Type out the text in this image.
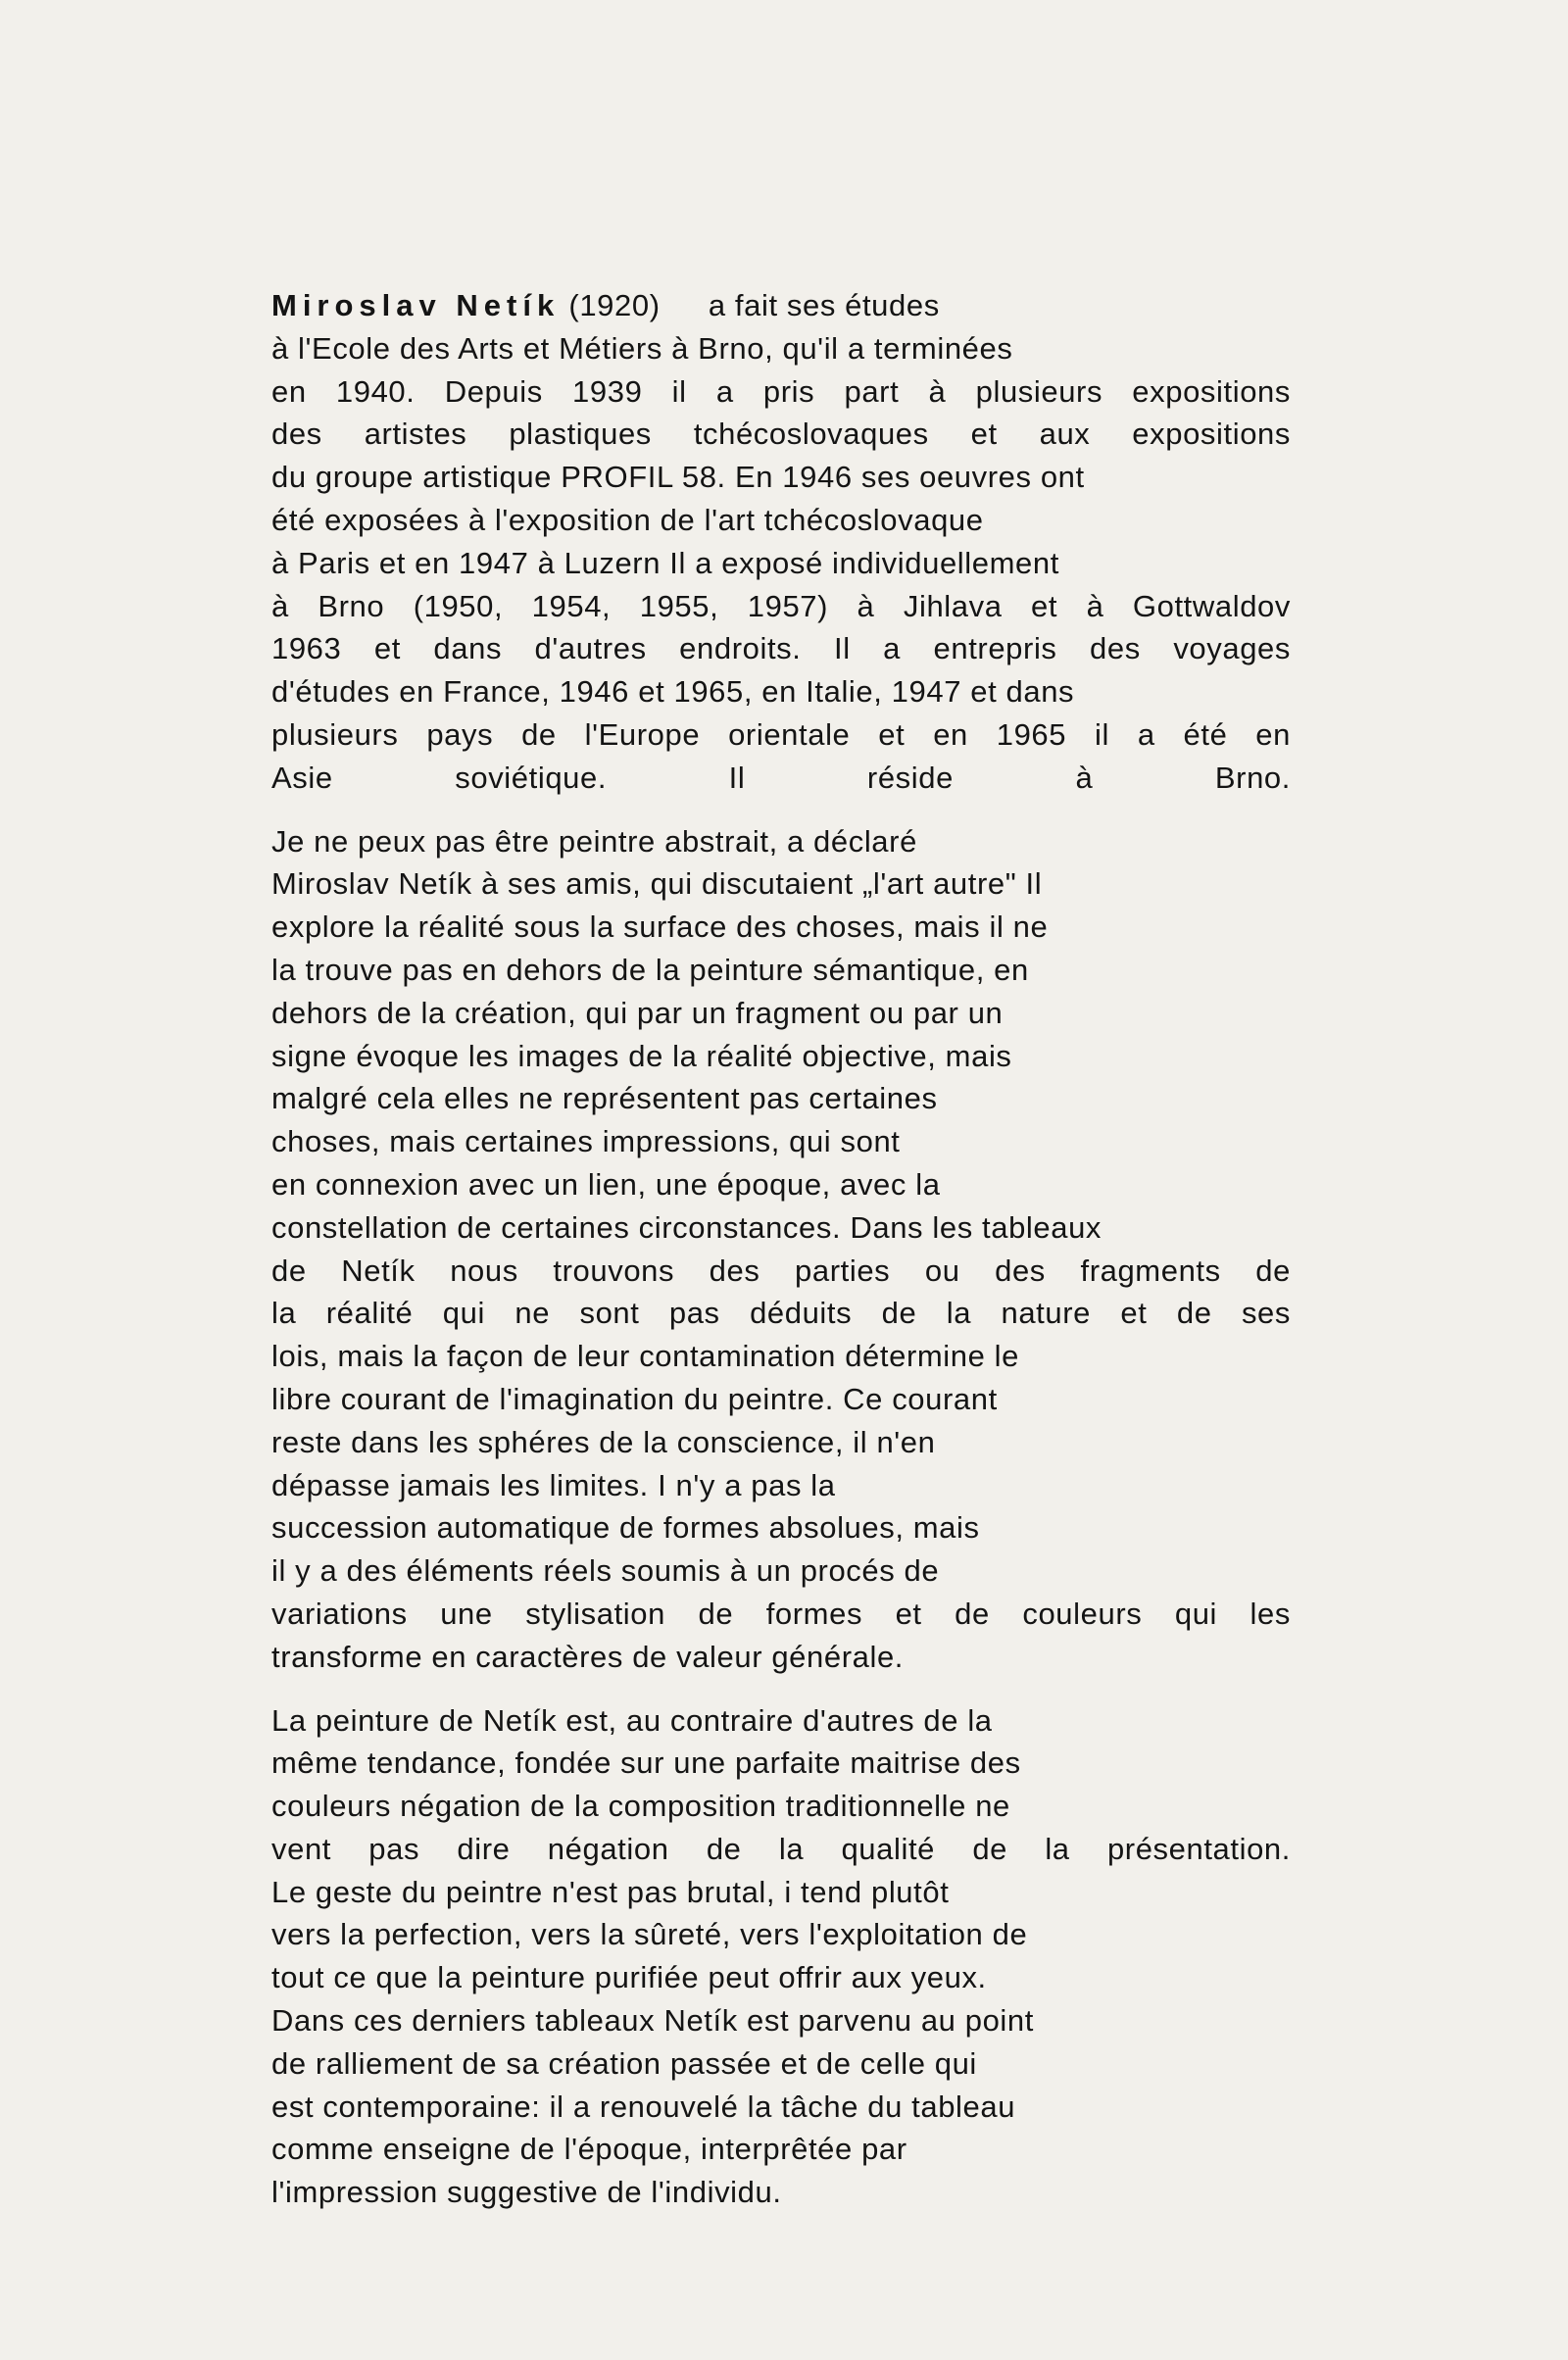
Miroslav Netík (1920) a fait ses études
à l'Ecole des Arts et Métiers à Brno, qu'il a terminées
en 1940. Depuis 1939 il a pris part à plusieurs expositions
des artistes plastiques tchécoslovaques et aux expositions
du groupe artistique PROFIL 58. En 1946 ses oeuvres ont
été exposées à l'exposition de l'art tchécoslovaque
à Paris et en 1947 à Luzern Il a exposé individuellement
à Brno (1950, 1954, 1955, 1957) à Jihlava et à Gottwaldov
1963 et dans d'autres endroits. Il a entrepris des voyages
d'études en France, 1946 et 1965, en Italie, 1947 et dans
plusieurs pays de l'Europe orientale et en 1965 il a été en
Asie soviétique. Il réside à Brno.
Je ne peux pas être peintre abstrait, a déclaré
Miroslav Netík à ses amis, qui discutaient „l'art autre" Il
explore la réalité sous la surface des choses, mais il ne
la trouve pas en dehors de la peinture sémantique, en
dehors de la création, qui par un fragment ou par un
signe évoque les images de la réalité objective, mais
malgré cela elles ne représentent pas certaines
choses, mais certaines impressions, qui sont
en connexion avec un lien, une époque, avec la
constellation de certaines circonstances. Dans les tableaux
de Netík nous trouvons des parties ou des fragments de
la réalité qui ne sont pas déduits de la nature et de ses
lois, mais la façon de leur contamination détermine le
libre courant de l'imagination du peintre. Ce courant
reste dans les sphéres de la conscience, il n'en
dépasse jamais les limites. I n'y a pas la
succession automatique de formes absolues, mais
il y a des éléments réels soumis à un procés de
variations une stylisation de formes et de couleurs qui les
transforme en caractères de valeur générale.
La peinture de Netík est, au contraire d'autres de la
même tendance, fondée sur une parfaite maitrise des
couleurs négation de la composition traditionnelle ne
vent pas dire négation de la qualité de la présentation.
Le geste du peintre n'est pas brutal, i tend plutôt
vers la perfection, vers la sûreté, vers l'exploitation de
tout ce que la peinture purifiée peut offrir aux yeux.
Dans ces derniers tableaux Netík est parvenu au point
de ralliement de sa création passée et de celle qui
est contemporaine: il a renouvelé la tâche du tableau
comme enseigne de l'époque, interprêtée par
l'impression suggestive de l'individu.
